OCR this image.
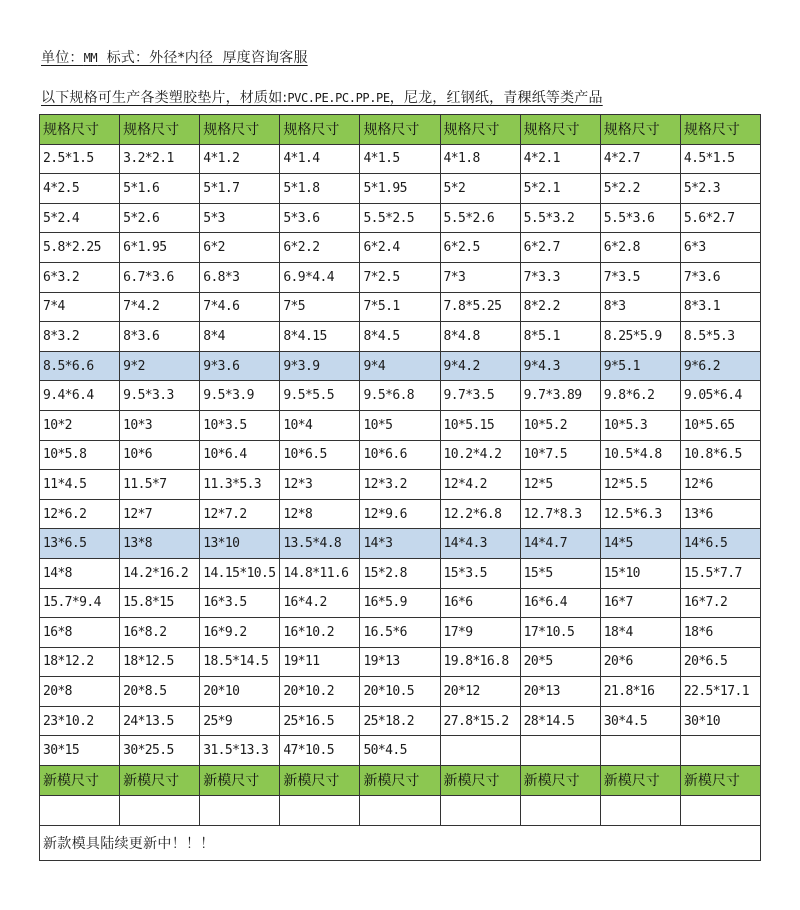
单位：MM  标式：外径*内径  厚度咨询客服
以下规格可生产各类塑胶垫片，材质如:PVC.PE.PC.PP.PE，尼龙，红钢纸，青稞纸等类产品
规格尺寸	规格尺寸	规格尺寸	规格尺寸	规格尺寸	规格尺寸	规格尺寸	规格尺寸	规格尺寸
2.5*1.5	3.2*2.1	4*1.2	4*1.4	4*1.5	4*1.8	4*2.1	4*2.7	4.5*1.5
4*2.5	5*1.6	5*1.7	5*1.8	5*1.95	5*2	5*2.1	5*2.2	5*2.3
5*2.4	5*2.6	5*3	5*3.6	5.5*2.5	5.5*2.6	5.5*3.2	5.5*3.6	5.6*2.7
5.8*2.25	6*1.95	6*2	6*2.2	6*2.4	6*2.5	6*2.7	6*2.8	6*3
6*3.2	6.7*3.6	6.8*3	6.9*4.4	7*2.5	7*3	7*3.3	7*3.5	7*3.6
7*4	7*4.2	7*4.6	7*5	7*5.1	7.8*5.25	8*2.2	8*3	8*3.1
8*3.2	8*3.6	8*4	8*4.15	8*4.5	8*4.8	8*5.1	8.25*5.9	8.5*5.3
8.5*6.6	9*2	9*3.6	9*3.9	9*4	9*4.2	9*4.3	9*5.1	9*6.2
9.4*6.4	9.5*3.3	9.5*3.9	9.5*5.5	9.5*6.8	9.7*3.5	9.7*3.89	9.8*6.2	9.05*6.4
10*2	10*3	10*3.5	10*4	10*5	10*5.15	10*5.2	10*5.3	10*5.65
10*5.8	10*6	10*6.4	10*6.5	10*6.6	10.2*4.2	10*7.5	10.5*4.8	10.8*6.5
11*4.5	11.5*7	11.3*5.3	12*3	12*3.2	12*4.2	12*5	12*5.5	12*6
12*6.2	12*7	12*7.2	12*8	12*9.6	12.2*6.8	12.7*8.3	12.5*6.3	13*6
13*6.5	13*8	13*10	13.5*4.8	14*3	14*4.3	14*4.7	14*5	14*6.5
14*8	14.2*16.2	14.15*10.5	14.8*11.6	15*2.8	15*3.5	15*5	15*10	15.5*7.7
15.7*9.4	15.8*15	16*3.5	16*4.2	16*5.9	16*6	16*6.4	16*7	16*7.2
16*8	16*8.2	16*9.2	16*10.2	16.5*6	17*9	17*10.5	18*4	18*6
18*12.2	18*12.5	18.5*14.5	19*11	19*13	19.8*16.8	20*5	20*6	20*6.5
20*8	20*8.5	20*10	20*10.2	20*10.5	20*12	20*13	21.8*16	22.5*17.1
23*10.2	24*13.5	25*9	25*16.5	25*18.2	27.8*15.2	28*14.5	30*4.5	30*10
30*15	30*25.5	31.5*13.3	47*10.5	50*4.5				
新模尺寸	新模尺寸	新模尺寸	新模尺寸	新模尺寸	新模尺寸	新模尺寸	新模尺寸	新模尺寸

新款模具陆续更新中！！！								
